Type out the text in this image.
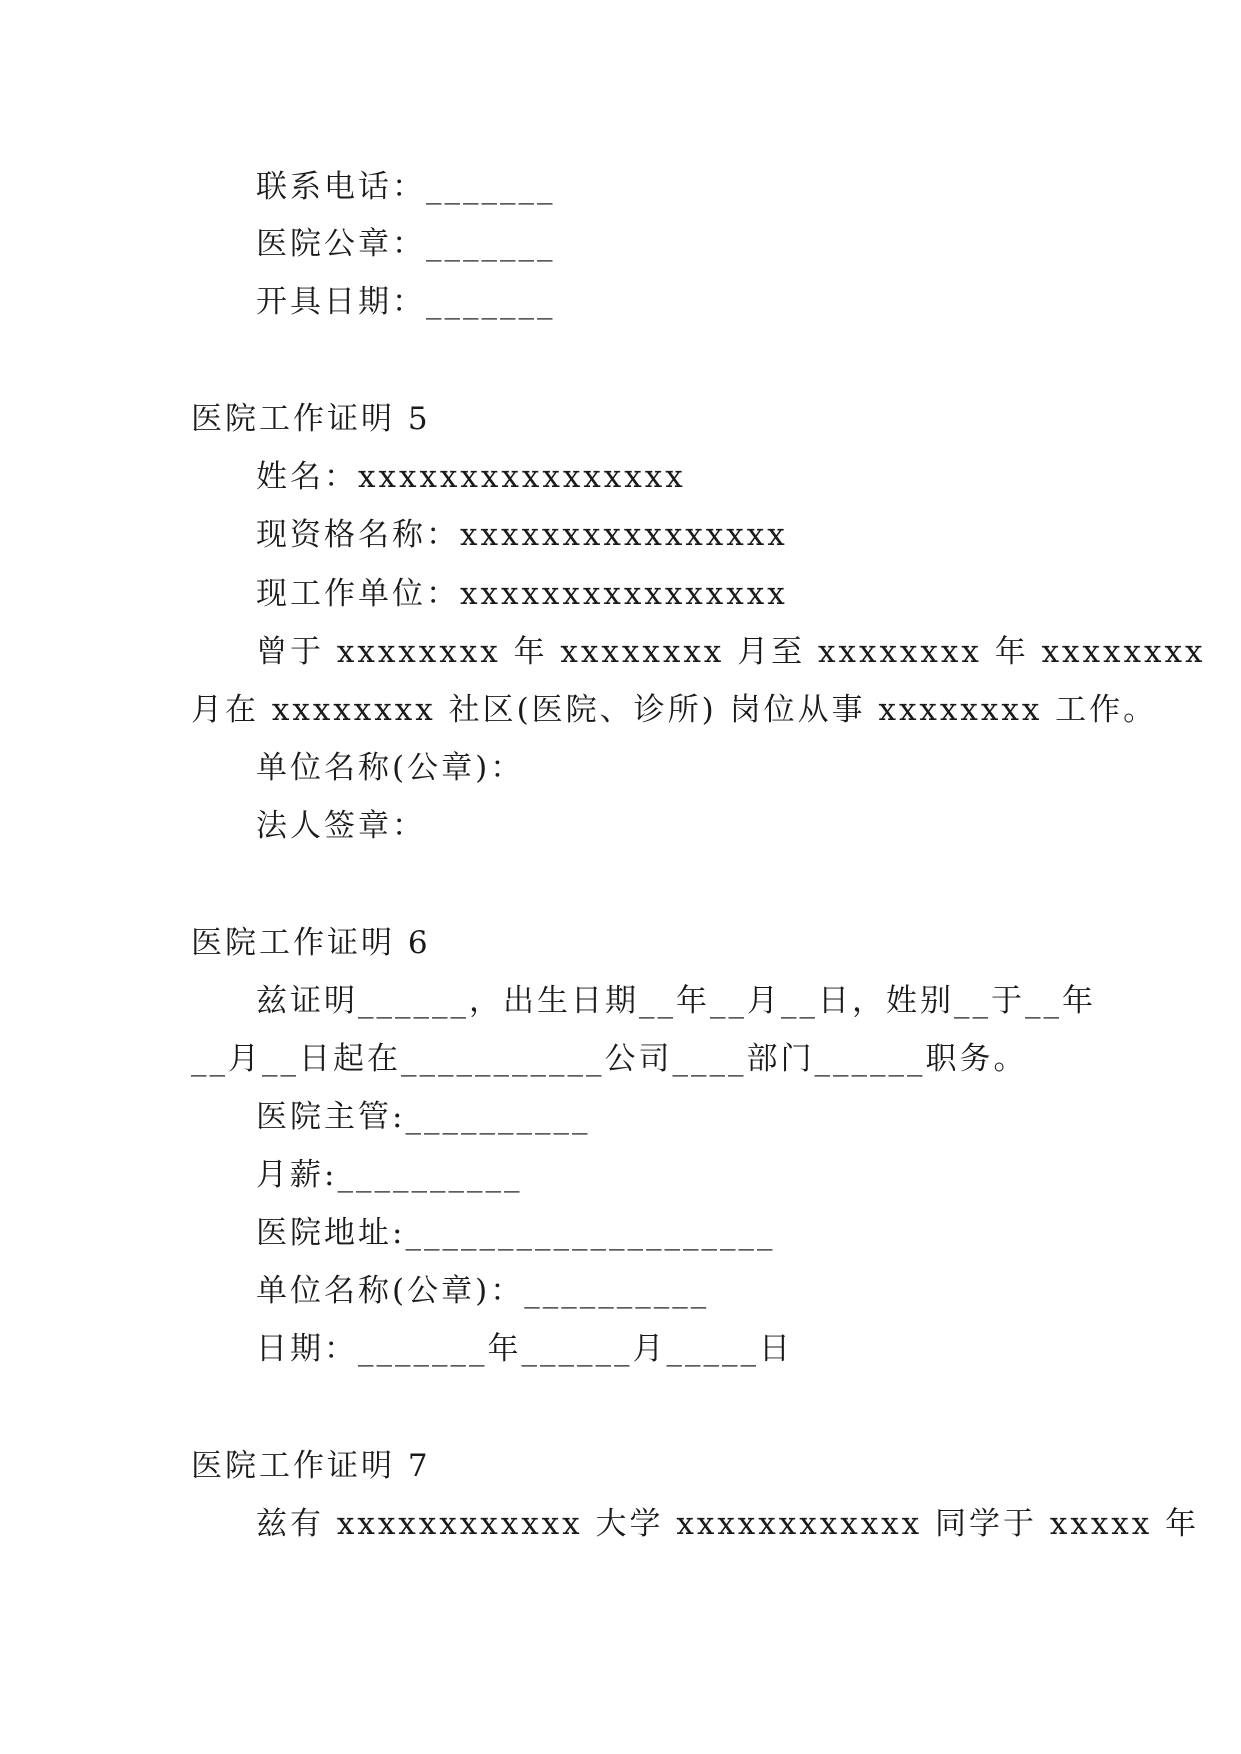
联系电话：_______
医院公章：_______
开具日期：_______
医院工作证明 5
姓名：xxxxxxxxxxxxxxxx
现资格名称：xxxxxxxxxxxxxxxx
现工作单位：xxxxxxxxxxxxxxxx
曾于 xxxxxxxx 年 xxxxxxxx 月至 xxxxxxxx 年 xxxxxxxx
月在 xxxxxxxx 社区(医院、诊所) 岗位从事 xxxxxxxx 工作。
单位名称(公章)：
法人签章：
医院工作证明 6
兹证明______，出生日期__年__月__日，姓别__于__年
__月__日起在___________公司____部门______职务。
医院主管:__________
月薪:__________
医院地址:____________________
单位名称(公章)：__________
日期：_______年______月_____日
医院工作证明 7
兹有 xxxxxxxxxxxx 大学 xxxxxxxxxxxx 同学于 xxxxx 年
